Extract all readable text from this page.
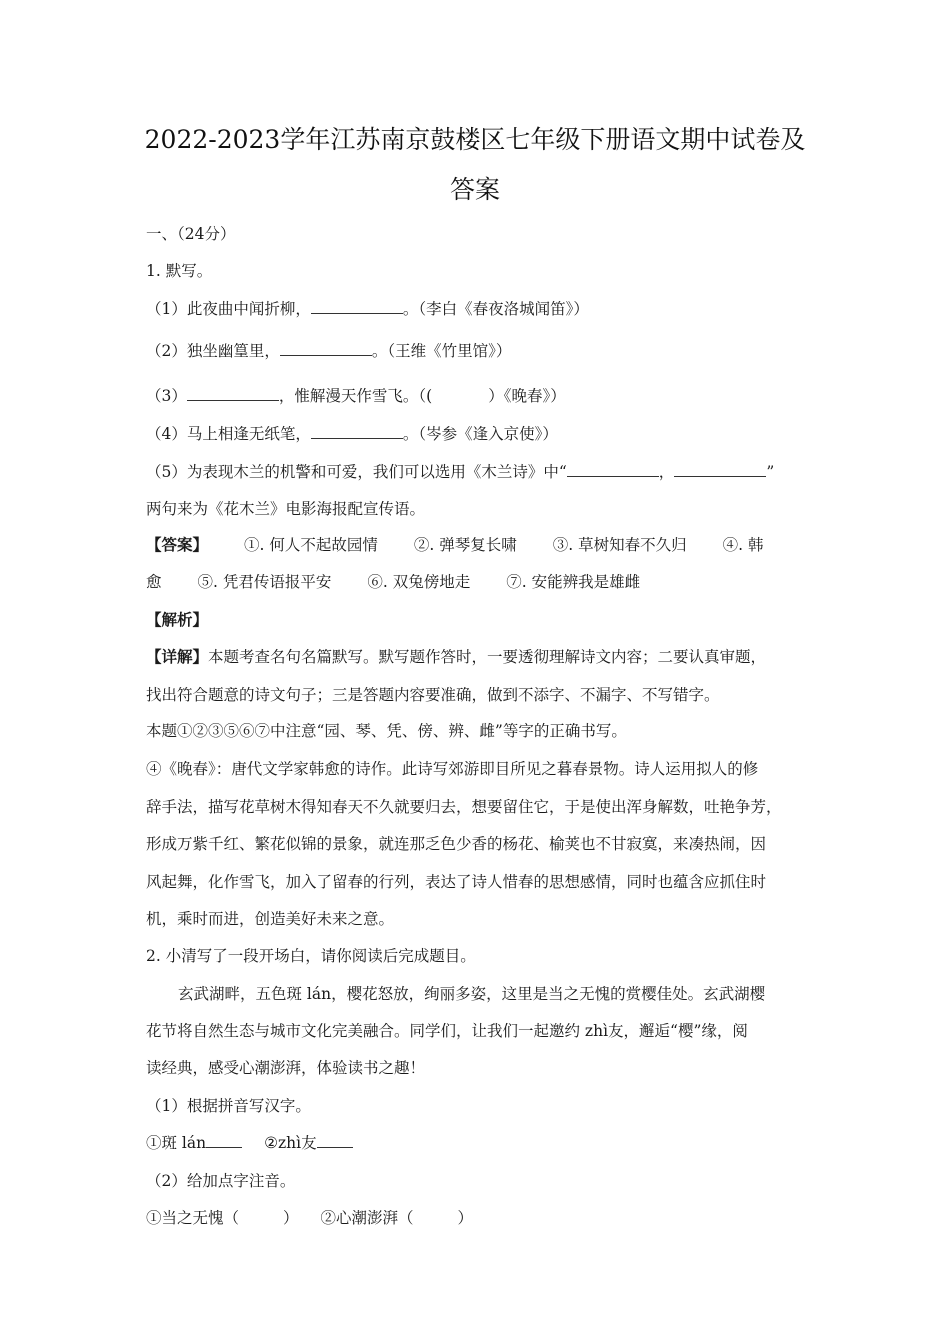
2022-2023学年江苏南京鼓楼区七年级下册语文期中试卷及
答案
一、（24分）
1. 默写。
（1）此夜曲中闻折柳，	。（李白《春夜洛城闻笛》）
（2）独坐幽篁里，	。（王维《竹里馆》）
（3）	，惟解漫天作雪飞。（(	）《晚春》）
（4）马上相逢无纸笔，	。（岑参《逢入京使》）
（5）为表现木兰的机警和可爱，我们可以选用《木兰诗》中“	，	”
两句来为《花木兰》电影海报配宣传语。
【答案】 ①. 何人不起故园情 ②. 弹琴复长啸 ③. 草树知春不久归 ④. 韩
愈 ⑤. 凭君传语报平安 ⑥. 双兔傍地走 ⑦. 安能辨我是雄雌
【解析】
【详解】本题考查名句名篇默写。默写题作答时，一要透彻理解诗文内容；二要认真审题，
找出符合题意的诗文句子；三是答题内容要准确，做到不添字、不漏字、不写错字。
本题①②③⑤⑥⑦中注意“园、琴、凭、傍、辨、雌”等字的正确书写。
④《晚春》：唐代文学家韩愈的诗作。此诗写郊游即目所见之暮春景物。诗人运用拟人的修
辞手法，描写花草树木得知春天不久就要归去，想要留住它，于是使出浑身解数，吐艳争芳，
形成万紫千红、繁花似锦的景象，就连那乏色少香的杨花、榆荚也不甘寂寞，来凑热闹，因
风起舞，化作雪飞，加入了留春的行列，表达了诗人惜春的思想感情，同时也蕴含应抓住时
机，乘时而进，创造美好未来之意。
2. 小清写了一段开场白，请你阅读后完成题目。
玄武湖畔，五色斑 lán，樱花怒放，绚丽多姿，这里是当之无愧的赏樱佳处。玄武湖樱
花节将自然生态与城市文化完美融合。同学们，让我们一起邀约 zhì友，邂逅“樱”缘，阅
读经典，感受心潮澎湃，体验读书之趣！
（1）根据拼音写汉字。
①斑 lán	②zhì友
（2）给加点字注音。
①当之无愧（	） ②心潮澎湃（	）
